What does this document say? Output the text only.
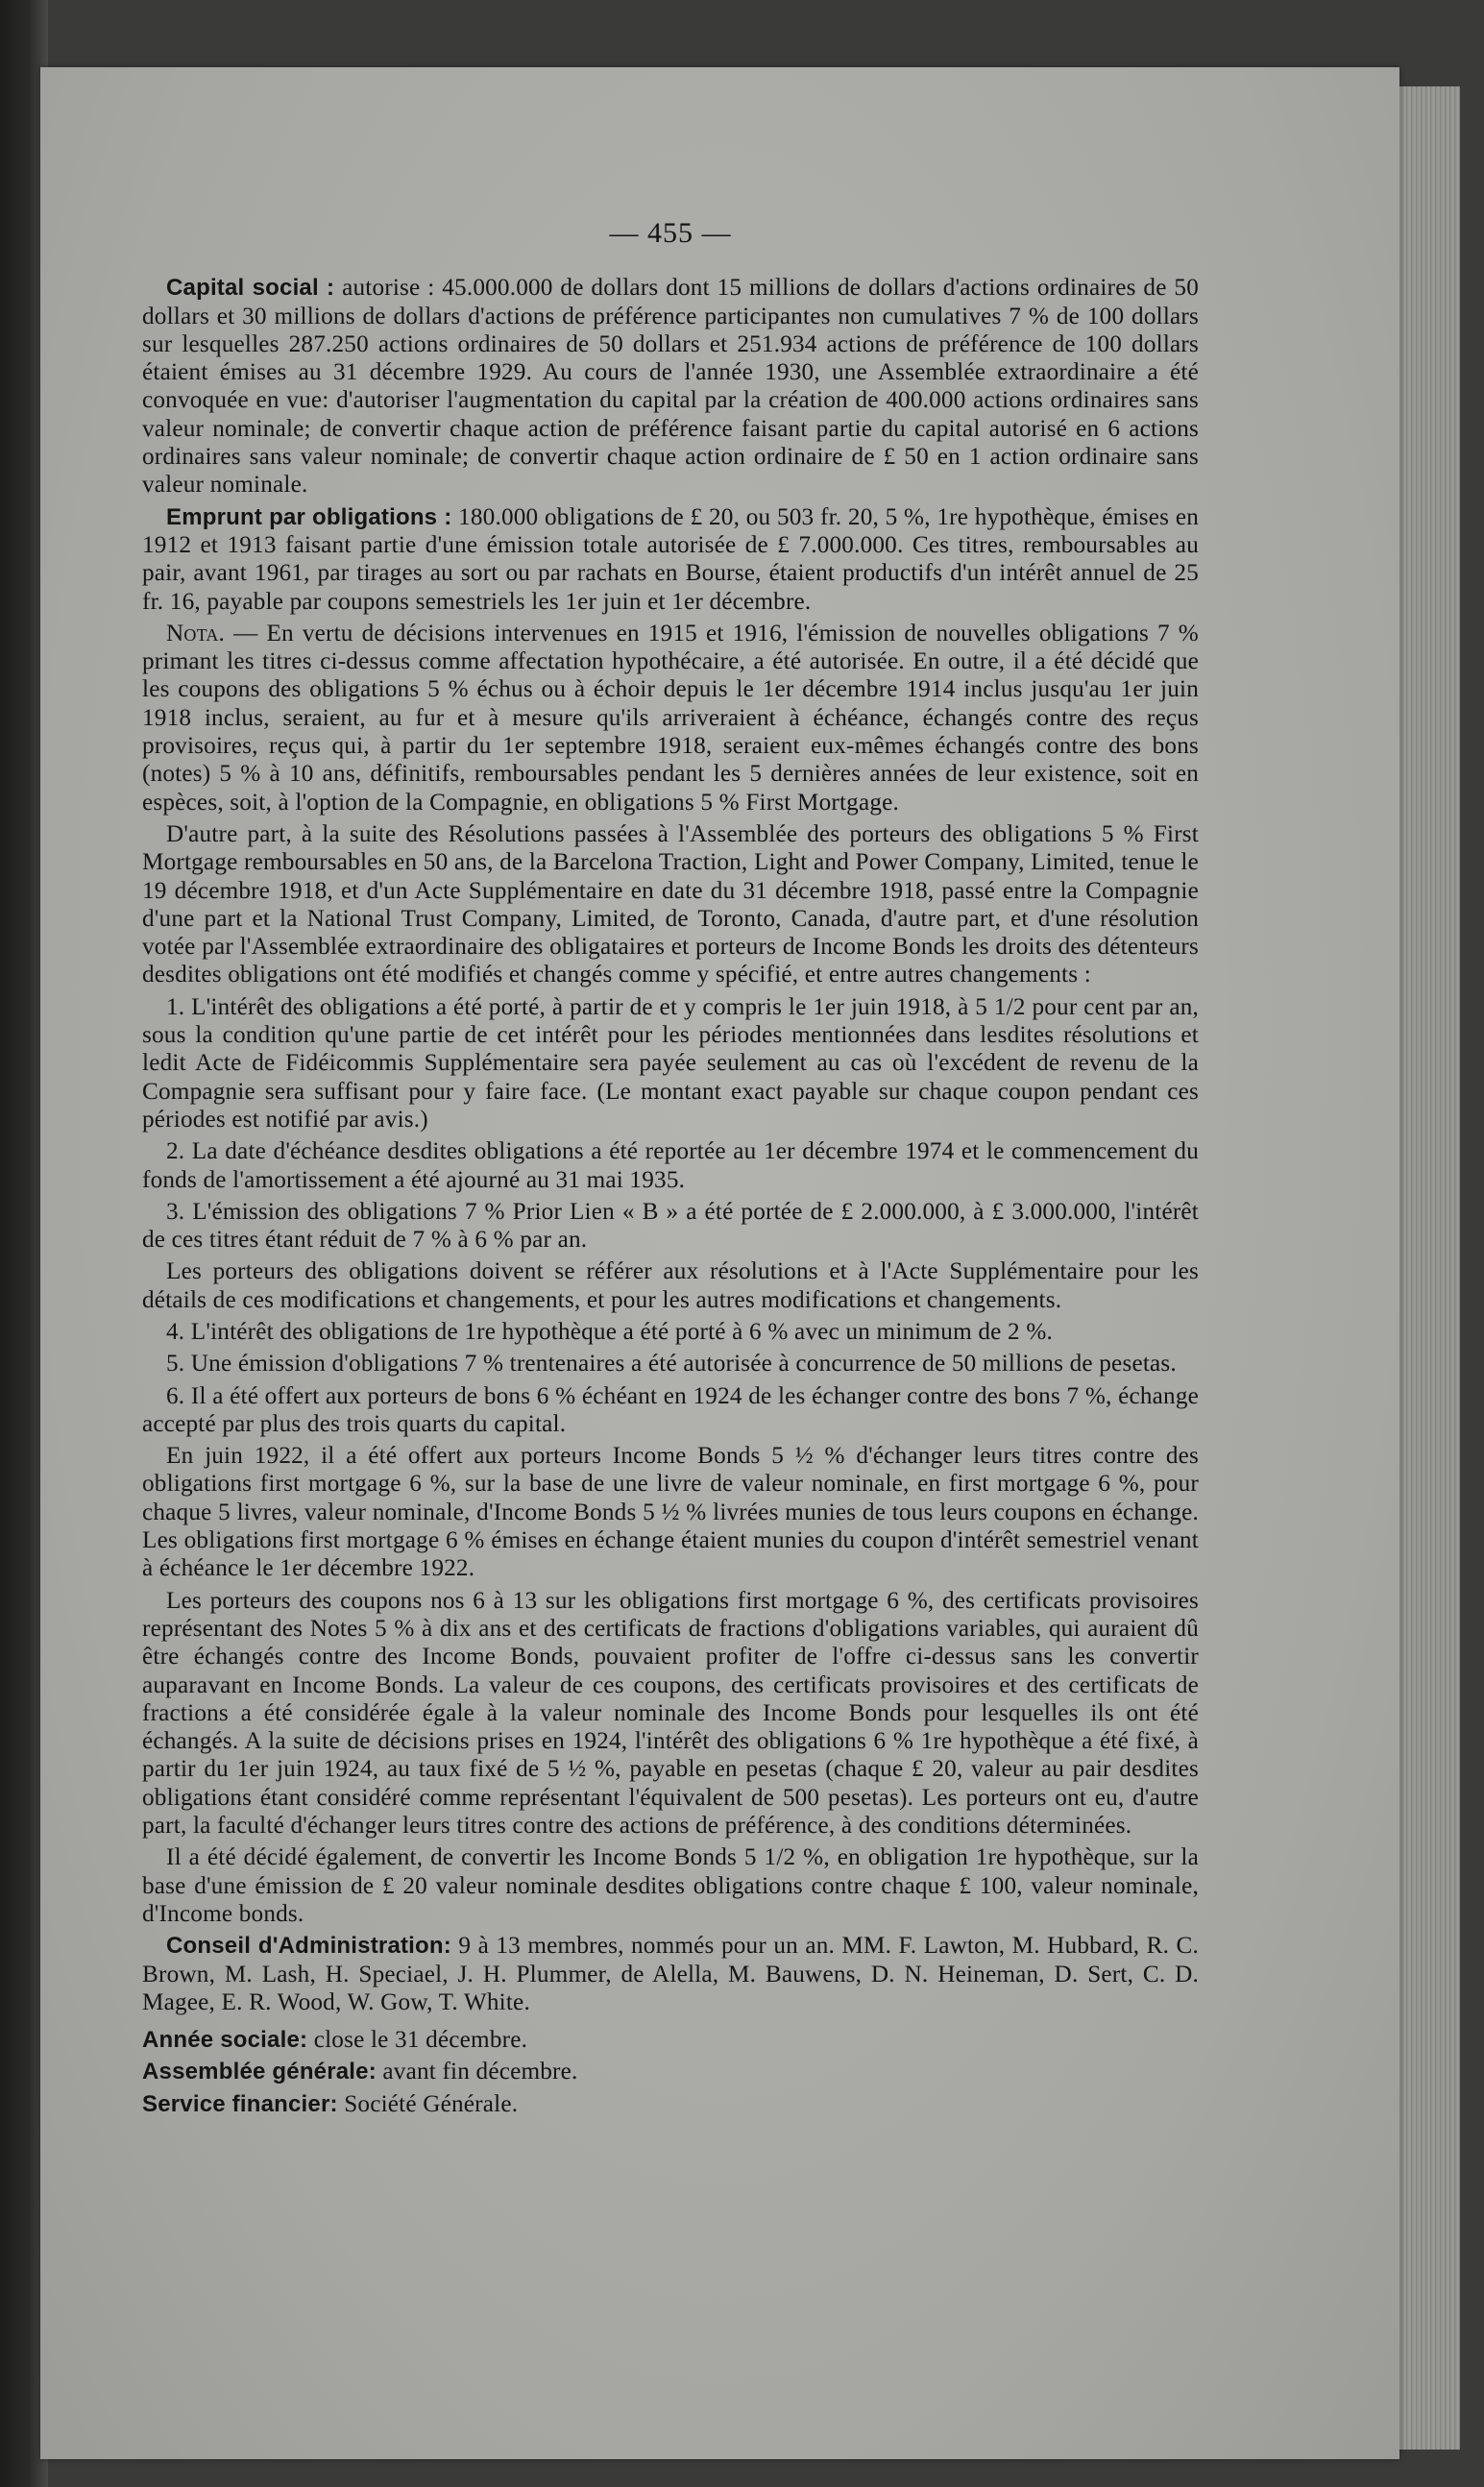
— 455 —

Capital social : autorise : 45.000.000 de dollars dont 15 millions de dollars d'actions ordinaires de 50 dollars et 30 millions de dollars d'actions de préférence participantes non cumulatives 7 % de 100 dollars sur lesquelles 287.250 actions ordinaires de 50 dollars et 251.934 actions de préférence de 100 dollars étaient émises au 31 décembre 1929. Au cours de l'année 1930, une Assemblée extraordinaire a été convoquée en vue: d'autoriser l'augmentation du capital par la création de 400.000 actions ordinaires sans valeur nominale; de convertir chaque action de préférence faisant partie du capital autorisé en 6 actions ordinaires sans valeur nominale; de convertir chaque action ordinaire de £ 50 en 1 action ordinaire sans valeur nominale.

Emprunt par obligations : 180.000 obligations de £ 20, ou 503 fr. 20, 5 %, 1re hypothèque, émises en 1912 et 1913 faisant partie d'une émission totale autorisée de £ 7.000.000. Ces titres, remboursables au pair, avant 1961, par tirages au sort ou par rachats en Bourse, étaient productifs d'un intérêt annuel de 25 fr. 16, payable par coupons semestriels les 1er juin et 1er décembre.

Nota. — En vertu de décisions intervenues en 1915 et 1916, l'émission de nouvelles obligations 7 % primant les titres ci-dessus comme affectation hypothécaire, a été autorisée. En outre, il a été décidé que les coupons des obligations 5 % échus ou à échoir depuis le 1er décembre 1914 inclus jusqu'au 1er juin 1918 inclus, seraient, au fur et à mesure qu'ils arriveraient à échéance, échangés contre des reçus provisoires, reçus qui, à partir du 1er septembre 1918, seraient eux-mêmes échangés contre des bons (notes) 5 % à 10 ans, définitifs, remboursables pendant les 5 dernières années de leur existence, soit en espèces, soit, à l'option de la Compagnie, en obligations 5 % First Mortgage.

D'autre part, à la suite des Résolutions passées à l'Assemblée des porteurs des obligations 5 % First Mortgage remboursables en 50 ans, de la Barcelona Traction, Light and Power Company, Limited, tenue le 19 décembre 1918, et d'un Acte Supplémentaire en date du 31 décembre 1918, passé entre la Compagnie d'une part et la National Trust Company, Limited, de Toronto, Canada, d'autre part, et d'une résolution votée par l'Assemblée extraordinaire des obligataires et porteurs de Income Bonds les droits des détenteurs desdites obligations ont été modifiés et changés comme y spécifié, et entre autres changements :

1. L'intérêt des obligations a été porté, à partir de et y compris le 1er juin 1918, à 5 1/2 pour cent par an, sous la condition qu'une partie de cet intérêt pour les périodes mentionnées dans lesdites résolutions et ledit Acte de Fidéicommis Supplémentaire sera payée seulement au cas où l'excédent de revenu de la Compagnie sera suffisant pour y faire face. (Le montant exact payable sur chaque coupon pendant ces périodes est notifié par avis.)

2. La date d'échéance desdites obligations a été reportée au 1er décembre 1974 et le commencement du fonds de l'amortissement a été ajourné au 31 mai 1935.

3. L'émission des obligations 7 % Prior Lien « B » a été portée de £ 2.000.000, à £ 3.000.000, l'intérêt de ces titres étant réduit de 7 % à 6 % par an.

Les porteurs des obligations doivent se référer aux résolutions et à l'Acte Supplémentaire pour les détails de ces modifications et changements, et pour les autres modifications et changements.

4. L'intérêt des obligations de 1re hypothèque a été porté à 6 % avec un minimum de 2 %.

5. Une émission d'obligations 7 % trentenaires a été autorisée à concurrence de 50 millions de pesetas.

6. Il a été offert aux porteurs de bons 6 % échéant en 1924 de les échanger contre des bons 7 %, échange accepté par plus des trois quarts du capital.

En juin 1922, il a été offert aux porteurs Income Bonds 5 ½ % d'échanger leurs titres contre des obligations first mortgage 6 %, sur la base de une livre de valeur nominale, en first mortgage 6 %, pour chaque 5 livres, valeur nominale, d'Income Bonds 5 ½ % livrées munies de tous leurs coupons en échange. Les obligations first mortgage 6 % émises en échange étaient munies du coupon d'intérêt semestriel venant à échéance le 1er décembre 1922.

Les porteurs des coupons nos 6 à 13 sur les obligations first mortgage 6 %, des certificats provisoires représentant des Notes 5 % à dix ans et des certificats de fractions d'obligations variables, qui auraient dû être échangés contre des Income Bonds, pouvaient profiter de l'offre ci-dessus sans les convertir auparavant en Income Bonds. La valeur de ces coupons, des certificats provisoires et des certificats de fractions a été considérée égale à la valeur nominale des Income Bonds pour lesquelles ils ont été échangés. A la suite de décisions prises en 1924, l'intérêt des obligations 6 % 1re hypothèque a été fixé, à partir du 1er juin 1924, au taux fixé de 5 ½ %, payable en pesetas (chaque £ 20, valeur au pair desdites obligations étant considéré comme représentant l'équivalent de 500 pesetas). Les porteurs ont eu, d'autre part, la faculté d'échanger leurs titres contre des actions de préférence, à des conditions déterminées.

Il a été décidé également, de convertir les Income Bonds 5 1/2 %, en obligation 1re hypothèque, sur la base d'une émission de £ 20 valeur nominale desdites obligations contre chaque £ 100, valeur nominale, d'Income bonds.

Conseil d'Administration: 9 à 13 membres, nommés pour un an. MM. F. Lawton, M. Hubbard, R. C. Brown, M. Lash, H. Speciael, J. H. Plummer, de Alella, M. Bauwens, D. N. Heineman, D. Sert, C. D. Magee, E. R. Wood, W. Gow, T. White.

Année sociale: close le 31 décembre.

Assemblée générale: avant fin décembre.

Service financier: Société Générale.
